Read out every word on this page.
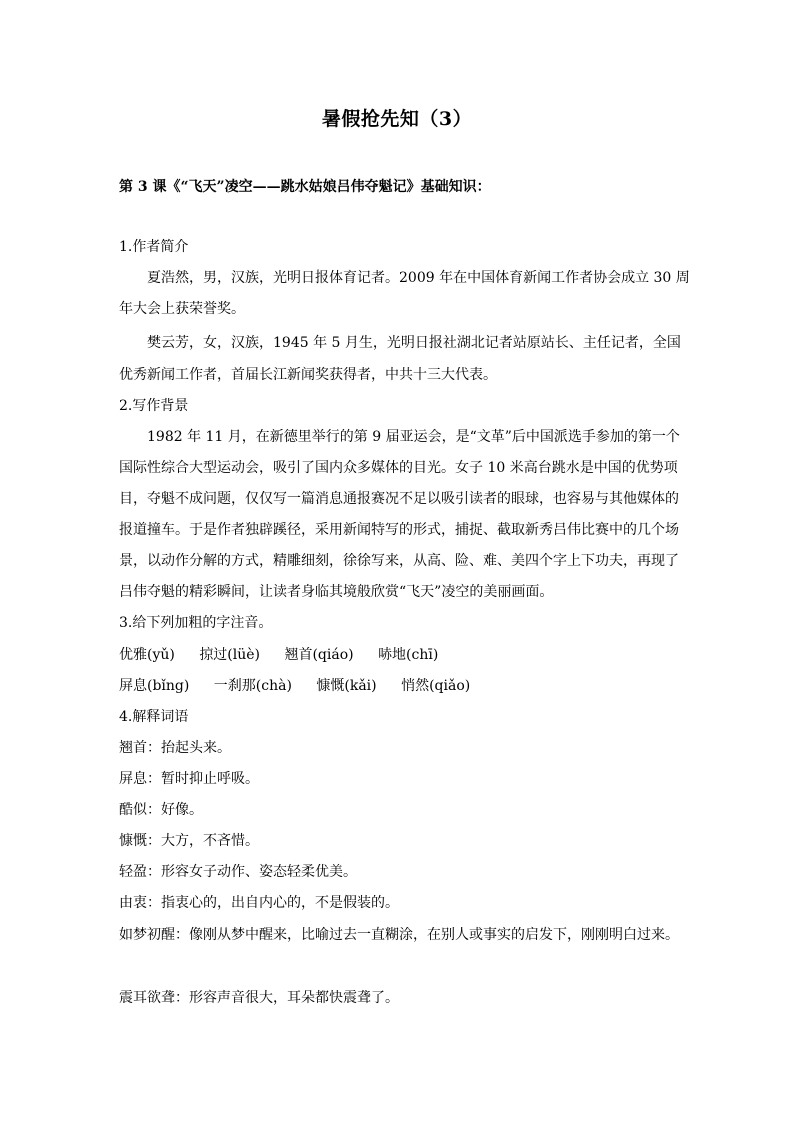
暑假抢先知（3）
第 3 课《“飞天”凌空——跳水姑娘吕伟夺魁记》基础知识：
1.作者简介
夏浩然，男，汉族，光明日报体育记者。2009 年在中国体育新闻工作者协会成立 30 周
年大会上获荣誉奖。
樊云芳，女，汉族，1945 年 5 月生，光明日报社湖北记者站原站长、主任记者，全国
优秀新闻工作者，首届长江新闻奖获得者，中共十三大代表。
2.写作背景
1982 年 11 月，在新德里举行的第 9 届亚运会，是“文革”后中国派选手参加的第一个
国际性综合大型运动会，吸引了国内众多媒体的目光。女子 10 米高台跳水是中国的优势项
目，夺魁不成问题，仅仅写一篇消息通报赛况不足以吸引读者的眼球，也容易与其他媒体的
报道撞车。于是作者独辟蹊径，采用新闻特写的形式，捕捉、截取新秀吕伟比赛中的几个场
景，以动作分解的方式，精雕细刻，徐徐写来，从高、险、难、美四个字上下功夫，再现了
吕伟夺魁的精彩瞬间，让读者身临其境般欣赏“飞天”凌空的美丽画面。
3.给下列加粗的字注音。
优雅(yǔ) 掠过(lüè) 翘首(qiáo) 哧地(chī)
屏息(bǐng) 一刹那(chà) 慷慨(kǎi) 悄然(qiǎo)
4.解释词语
翘首：抬起头来。
屏息：暂时抑止呼吸。
酷似：好像。
慷慨：大方，不吝惜。
轻盈：形容女子动作、姿态轻柔优美。
由衷：指衷心的，出自内心的，不是假装的。
如梦初醒：像刚从梦中醒来，比喻过去一直糊涂，在别人或事实的启发下，刚刚明白过来。
震耳欲聋：形容声音很大，耳朵都快震聋了。
